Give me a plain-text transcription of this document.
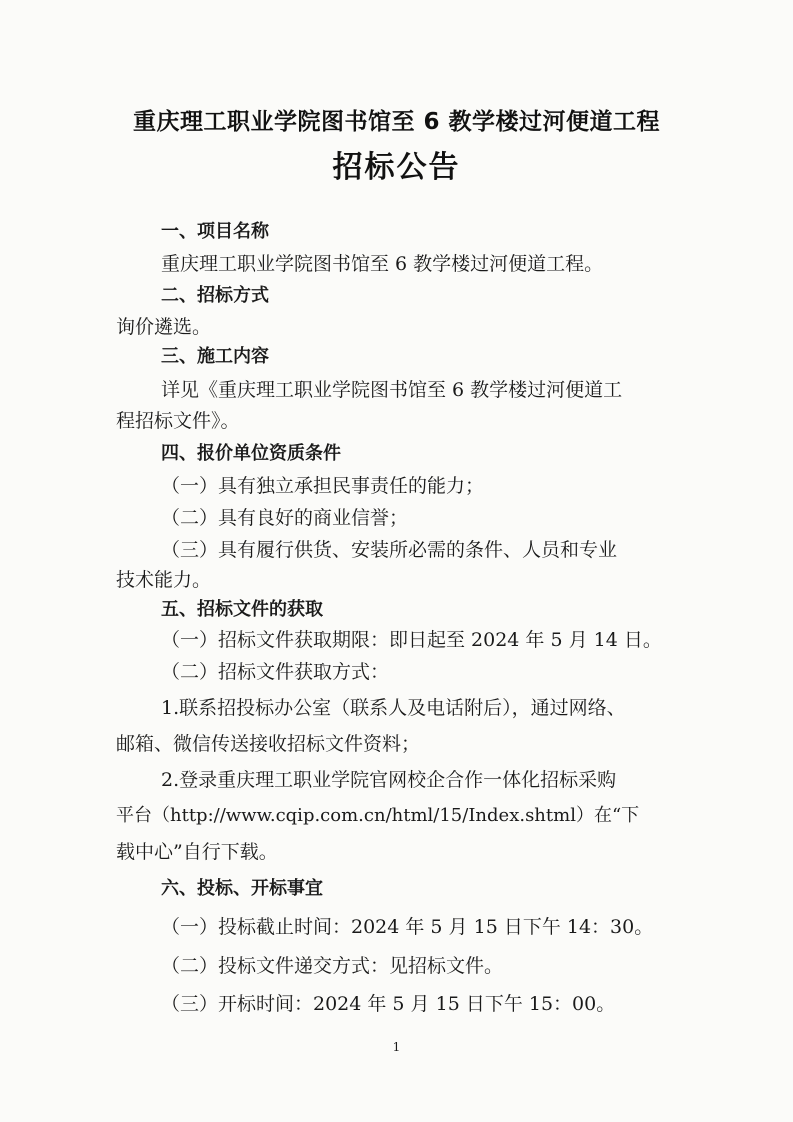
重庆理工职业学院图书馆至 6 教学楼过河便道工程
招标公告
一、项目名称
重庆理工职业学院图书馆至 6 教学楼过河便道工程。
二、招标方式
询价遴选。
三、施工内容
详见《重庆理工职业学院图书馆至 6 教学楼过河便道工
程招标文件》。
四、报价单位资质条件
（一）具有独立承担民事责任的能力；
（二）具有良好的商业信誉；
（三）具有履行供货、安装所必需的条件、人员和专业
技术能力。
五、招标文件的获取
（一）招标文件获取期限：即日起至 2024 年 5 月 14 日。
（二）招标文件获取方式：
1.联系招投标办公室（联系人及电话附后），通过网络、
邮箱、微信传送接收招标文件资料；
2.登录重庆理工职业学院官网校企合作一体化招标采购
平台（http://www.cqip.com.cn/html/15/Index.shtml）在“下
载中心”自行下载。
六、投标、开标事宜
（一）投标截止时间：2024 年 5 月 15 日下午 14：30。
（二）投标文件递交方式：见招标文件。
（三）开标时间：2024 年 5 月 15 日下午 15：00。
1
